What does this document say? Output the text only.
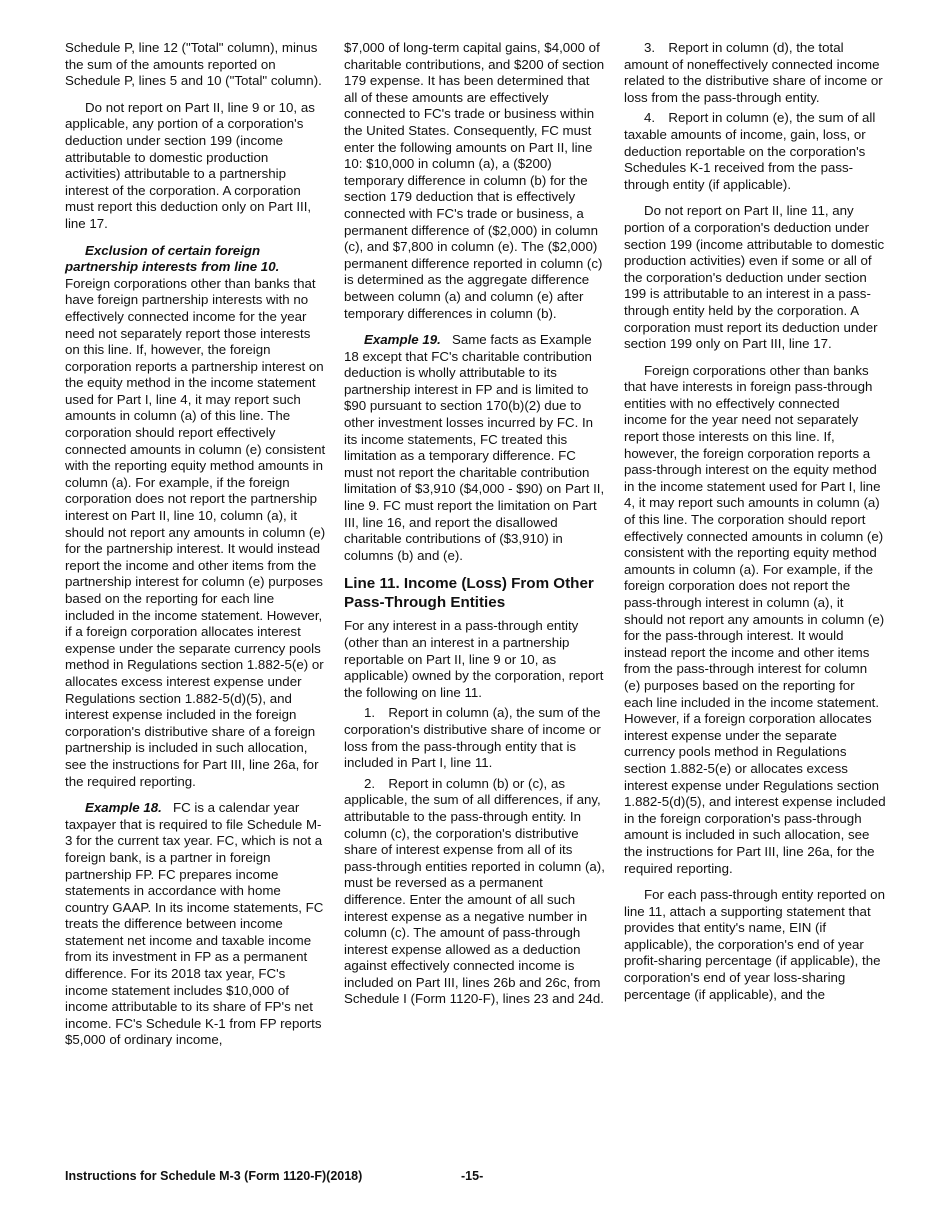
Schedule P, line 12 ("Total" column), minus the sum of the amounts reported on Schedule P, lines 5 and 10 ("Total" column).

Do not report on Part II, line 9 or 10, as applicable, any portion of a corporation's deduction under section 199 (income attributable to domestic production activities) attributable to a partnership interest of the corporation. A corporation must report this deduction only on Part III, line 17.

Exclusion of certain foreign partnership interests from line 10. Foreign corporations other than banks that have foreign partnership interests with no effectively connected income for the year need not separately report those interests on this line. If, however, the foreign corporation reports a partnership interest on the equity method in the income statement used for Part I, line 4, it may report such amounts in column (a) of this line. The corporation should report effectively connected amounts in column (e) consistent with the reporting equity method amounts in column (a). For example, if the foreign corporation does not report the partnership interest on Part II, line 10, column (a), it should not report any amounts in column (e) for the partnership interest. It would instead report the income and other items from the partnership interest for column (e) purposes based on the reporting for each line included in the income statement. However, if a foreign corporation allocates interest expense under the separate currency pools method in Regulations section 1.882-5(e) or allocates excess interest expense under Regulations section 1.882-5(d)(5), and interest expense included in the foreign corporation's distributive share of a foreign partnership is included in such allocation, see the instructions for Part III, line 26a, for the required reporting.

Example 18. FC is a calendar year taxpayer that is required to file Schedule M-3 for the current tax year. FC, which is not a foreign bank, is a partner in foreign partnership FP. FC prepares income statements in accordance with home country GAAP. In its income statements, FC treats the difference between income statement net income and taxable income from its investment in FP as a permanent difference. For its 2018 tax year, FC's income statement includes $10,000 of income attributable to its share of FP's net income. FC's Schedule K-1 from FP reports $5,000 of ordinary income,

$7,000 of long-term capital gains, $4,000 of charitable contributions, and $200 of section 179 expense. It has been determined that all of these amounts are effectively connected to FC's trade or business within the United States. Consequently, FC must enter the following amounts on Part II, line 10: $10,000 in column (a), a ($200) temporary difference in column (b) for the section 179 deduction that is effectively connected with FC's trade or business, a permanent difference of ($2,000) in column (c), and $7,800 in column (e). The ($2,000) permanent difference reported in column (c) is determined as the aggregate difference between column (a) and column (e) after temporary differences in column (b).

Example 19. Same facts as Example 18 except that FC's charitable contribution deduction is wholly attributable to its partnership interest in FP and is limited to $90 pursuant to section 170(b)(2) due to other investment losses incurred by FC. In its income statements, FC treated this limitation as a temporary difference. FC must not report the charitable contribution limitation of $3,910 ($4,000 - $90) on Part II, line 9. FC must report the limitation on Part III, line 16, and report the disallowed charitable contributions of ($3,910) in columns (b) and (e).

Line 11. Income (Loss) From Other Pass-Through Entities

For any interest in a pass-through entity (other than an interest in a partnership reportable on Part II, line 9 or 10, as applicable) owned by the corporation, report the following on line 11.

1. Report in column (a), the sum of the corporation's distributive share of income or loss from the pass-through entity that is included in Part I, line 11.

2. Report in column (b) or (c), as applicable, the sum of all differences, if any, attributable to the pass-through entity. In column (c), the corporation's distributive share of interest expense from all of its pass-through entities reported in column (a), must be reversed as a permanent difference. Enter the amount of all such interest expense as a negative number in column (c). The amount of pass-through interest expense allowed as a deduction against effectively connected income is included on Part III, lines 26b and 26c, from Schedule I (Form 1120-F), lines 23 and 24d.

3. Report in column (d), the total amount of noneffectively connected income related to the distributive share of income or loss from the pass-through entity.

4. Report in column (e), the sum of all taxable amounts of income, gain, loss, or deduction reportable on the corporation's Schedules K-1 received from the pass-through entity (if applicable).

Do not report on Part II, line 11, any portion of a corporation's deduction under section 199 (income attributable to domestic production activities) even if some or all of the corporation's deduction under section 199 is attributable to an interest in a pass-through entity held by the corporation. A corporation must report its deduction under section 199 only on Part III, line 17.

Foreign corporations other than banks that have interests in foreign pass-through entities with no effectively connected income for the year need not separately report those interests on this line. If, however, the foreign corporation reports a pass-through interest on the equity method in the income statement used for Part I, line 4, it may report such amounts in column (a) of this line. The corporation should report effectively connected amounts in column (e) consistent with the reporting equity method amounts in column (a). For example, if the foreign corporation does not report the pass-through interest in column (a), it should not report any amounts in column (e) for the pass-through interest. It would instead report the income and other items from the pass-through interest for column (e) purposes based on the reporting for each line included in the income statement. However, if a foreign corporation allocates interest expense under the separate currency pools method in Regulations section 1.882-5(e) or allocates excess interest expense under Regulations section 1.882-5(d)(5), and interest expense included in the foreign corporation's pass-through amount is included in such allocation, see the instructions for Part III, line 26a, for the required reporting.

For each pass-through entity reported on line 11, attach a supporting statement that provides that entity's name, EIN (if applicable), the corporation's end of year profit-sharing percentage (if applicable), the corporation's end of year loss-sharing percentage (if applicable), and the

Instructions for Schedule M-3 (Form 1120-F)(2018)	-15-
